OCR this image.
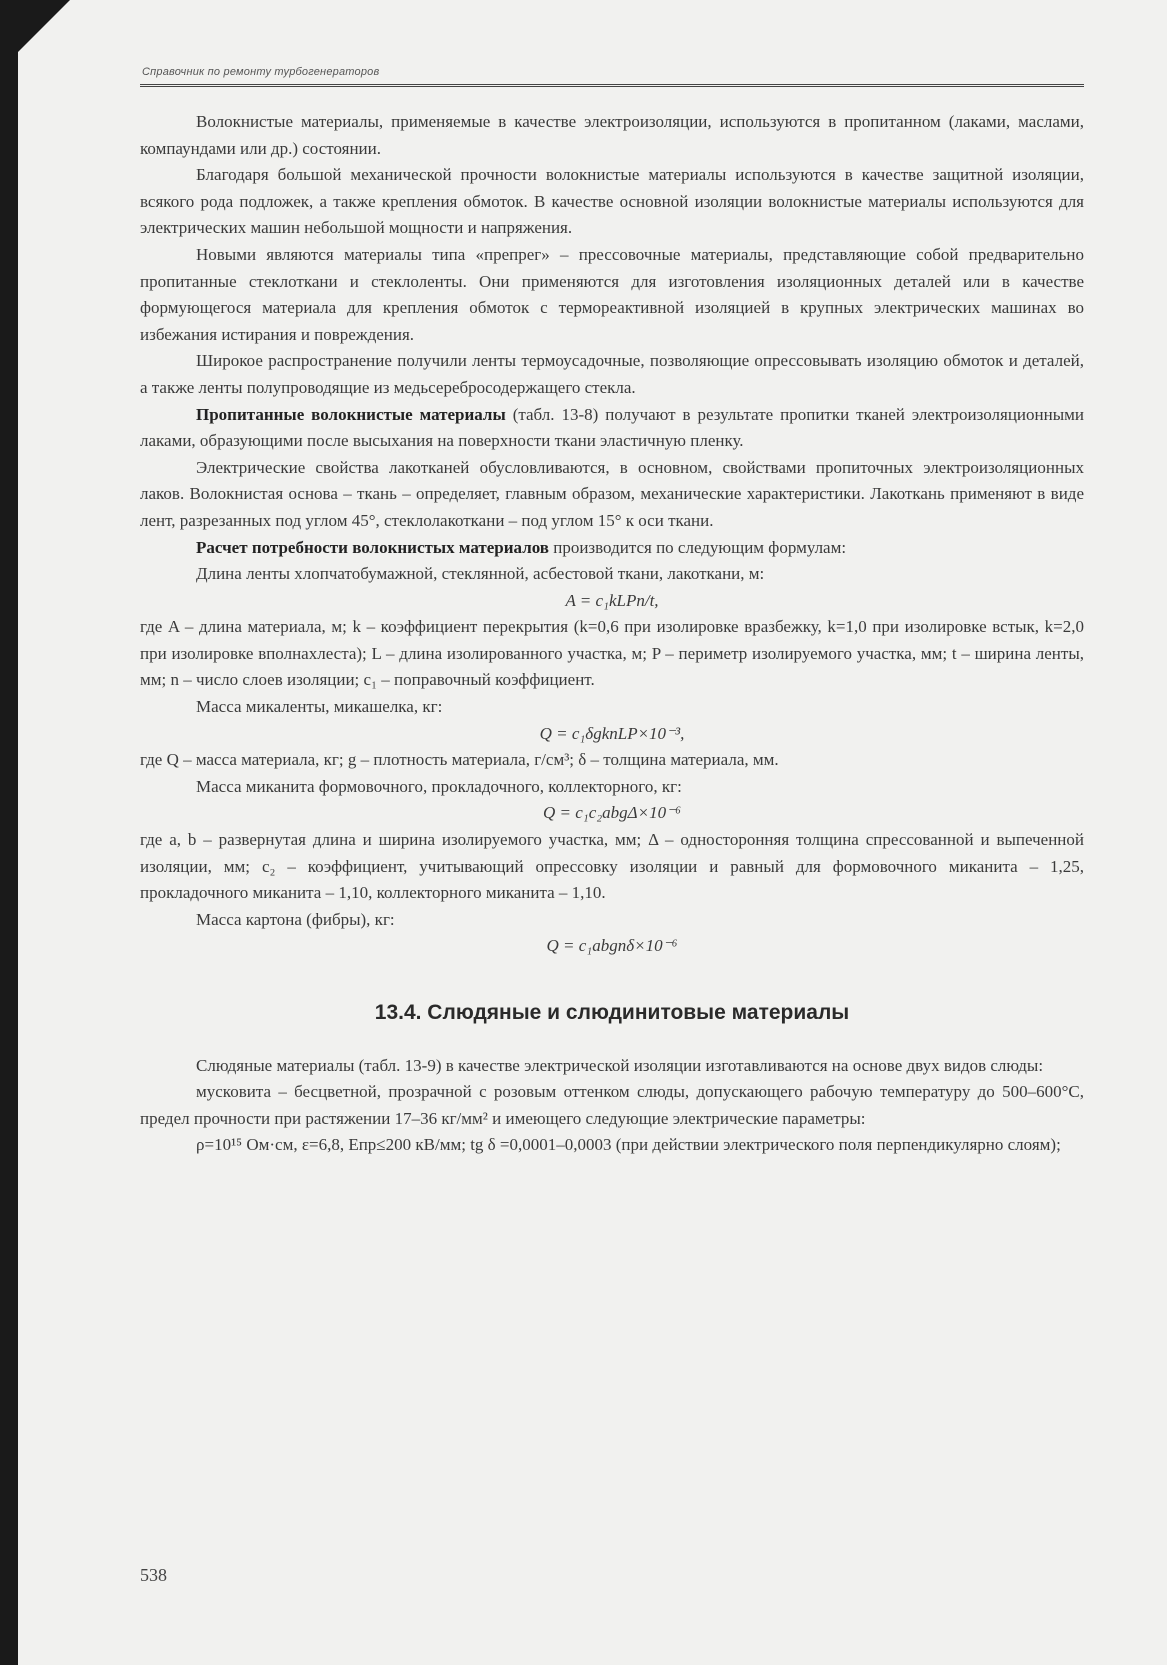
Справочник по ремонту турбогенераторов

Волокнистые материалы, применяемые в качестве электроизоляции, используются в пропитанном (лаками, маслами, компаундами или др.) состоянии.

Благодаря большой механической прочности волокнистые материалы используются в качестве защитной изоляции, всякого рода подложек, а также крепления обмоток. В качестве основной изоляции волокнистые материалы используются для электрических машин небольшой мощности и напряжения.

Новыми являются материалы типа «препрег» – прессовочные материалы, представляющие собой предварительно пропитанные стеклоткани и стеклоленты. Они применяются для изготовления изоляционных деталей или в качестве формующегося материала для крепления обмоток с термореактивной изоляцией в крупных электрических машинах во избежания истирания и повреждения.

Широкое распространение получили ленты термоусадочные, позволяющие опрессовывать изоляцию обмоток и деталей, а также ленты полупроводящие из медьсереброcодержащего стекла.

Пропитанные волокнистые материалы (табл. 13-8) получают в результате пропитки тканей электроизоляционными лаками, образующими после высыхания на поверхности ткани эластичную пленку.

Электрические свойства лакотканей обусловливаются, в основном, свойствами пропиточных электроизоляционных лаков. Волокнистая основа – ткань – определяет, главным образом, механические характеристики. Лакоткань применяют в виде лент, разрезанных под углом 45°, стеклолакоткани – под углом 15° к оси ткани.

Расчет потребности волокнистых материалов производится по следующим формулам:

Длина ленты хлопчатобумажной, стеклянной, асбестовой ткани, лакоткани, м:

A = c₁kLPn/t,

где A – длина материала, м; k – коэффициент перекрытия (k=0,6 при изолировке вразбежку, k=1,0 при изолировке встык, k=2,0 при изолировке вполнахлеста); L – длина изолированного участка, м; P – периметр изолируемого участка, мм; t – ширина ленты, мм; n – число слоев изоляции; c₁ – поправочный коэффициент.

Масса микаленты, микашелка, кг:

Q = c₁δgknLP×10⁻³,

где Q – масса материала, кг; g – плотность материала, г/см³; δ – толщина материала, мм.

Масса миканита формовочного, прокладочного, коллекторного, кг:

Q = c₁c₂abgΔ×10⁻⁶

где a, b – развернутая длина и ширина изолируемого участка, мм; Δ – односторонняя толщина спрессованной и выпеченной изоляции, мм; c₂ – коэффициент, учитывающий опрессовку изоляции и равный для формовочного миканита – 1,25, прокладочного миканита – 1,10, коллекторного миканита – 1,10.

Масса картона (фибры), кг:

Q = c₁abgnδ×10⁻⁶

13.4. Слюдяные и слюдинитовые материалы

Слюдяные материалы (табл. 13-9) в качестве электрической изоляции изготавливаются на основе двух видов слюды:

мусковита – бесцветной, прозрачной с розовым оттенком слюды, допускающего рабочую температуру до 500–600°C, предел прочности при растяжении 17–36 кг/мм² и имеющего следующие электрические параметры:

ρ=10¹⁵ Ом·см, ε=6,8, Eпр≤200 кВ/мм; tg δ =0,0001–0,0003 (при действии электрического поля перпендикулярно слоям);

538
